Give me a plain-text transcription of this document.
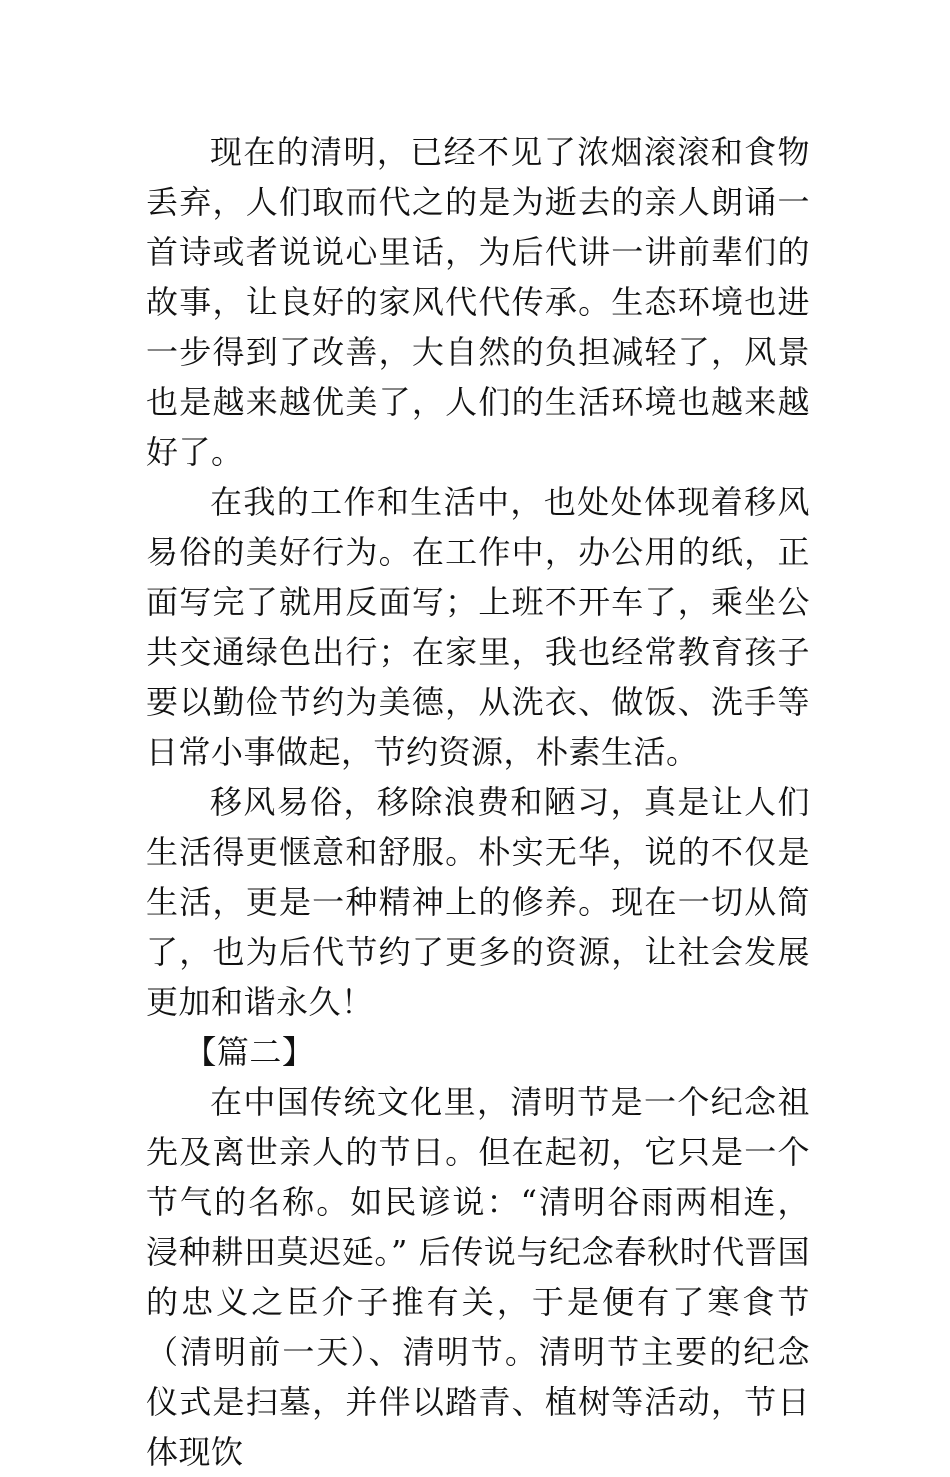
现在的清明，已经不见了浓烟滚滚和食物丢弃，人们取而代之的是为逝去的亲人朗诵一首诗或者说说心里话，为后代讲一讲前辈们的故事，让良好的家风代代传承。生态环境也进一步得到了改善，大自然的负担减轻了，风景也是越来越优美了，人们的生活环境也越来越好了。

在我的工作和生活中，也处处体现着移风易俗的美好行为。在工作中，办公用的纸，正面写完了就用反面写；上班不开车了，乘坐公共交通绿色出行；在家里，我也经常教育孩子要以勤俭节约为美德，从洗衣、做饭、洗手等日常小事做起，节约资源，朴素生活。

移风易俗，移除浪费和陋习，真是让人们生活得更惬意和舒服。朴实无华，说的不仅是生活，更是一种精神上的修养。现在一切从简了，也为后代节约了更多的资源，让社会发展更加和谐永久！

【篇二】

在中国传统文化里，清明节是一个纪念祖先及离世亲人的节日。但在起初，它只是一个节气的名称。如民谚说：“清明谷雨两相连，浸种耕田莫迟延。” 后传说与纪念春秋时代晋国的忠义之臣介子推有关，于是便有了寒食节（清明前一天）、清明节。清明节主要的纪念仪式是扫墓，并伴以踏青、植树等活动，节日体现饮
